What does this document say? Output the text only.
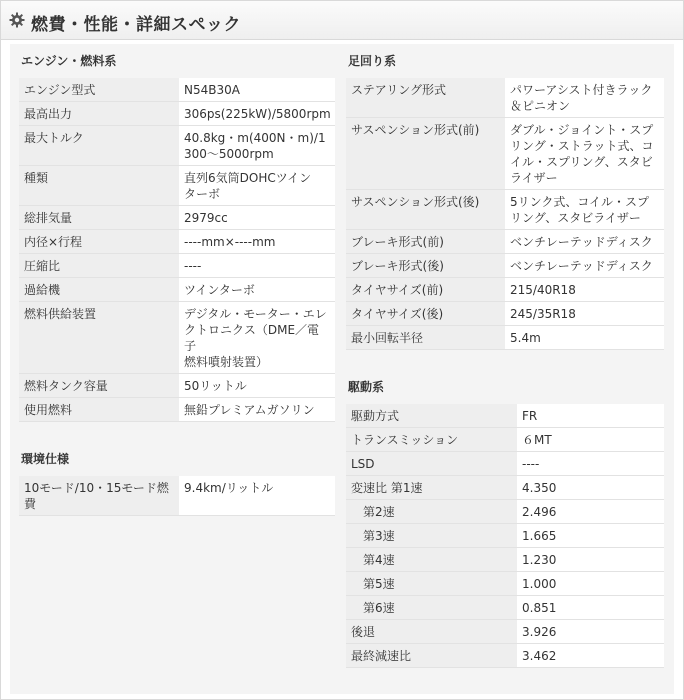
燃費・性能・詳細スペック
エンジン・燃料系
エンジン型式	N54B30A
最高出力	306ps(225kW)/5800rpm
最大トルク	40.8kg・m(400N・m)/1
300〜5000rpm
種類	直列6気筒DOHCツイン
ターボ
総排気量	2979cc
内径×行程	----mm×----mm
圧縮比	----
過給機	ツインターボ
燃料供給装置	デジタル・モーター・エレ
クトロニクス（DME／電子
燃料噴射装置）
燃料タンク容量	50リットル
使用燃料	無鉛プレミアムガソリン
環境仕様
10モード/10・15モード燃
費	9.4km/リットル
足回り系
ステアリング形式	パワーアシスト付きラック
＆ピニオン
サスペンション形式(前)	ダブル・ジョイント・スプ
リング・ストラット式、コ
イル・スプリング、スタビ
ライザー
サスペンション形式(後)	5リンク式、コイル・スプ
リング、スタビライザー
ブレーキ形式(前)	ベンチレーテッドディスク
ブレーキ形式(後)	ベンチレーテッドディスク
タイヤサイズ(前)	215/40R18
タイヤサイズ(後)	245/35R18
最小回転半径	5.4m
駆動系
駆動方式	FR
トランスミッション	６MT
LSD	----
変速比 第1速	4.350
第2速	2.496
第3速	1.665
第4速	1.230
第5速	1.000
第6速	0.851
後退	3.926
最終減速比	3.462
